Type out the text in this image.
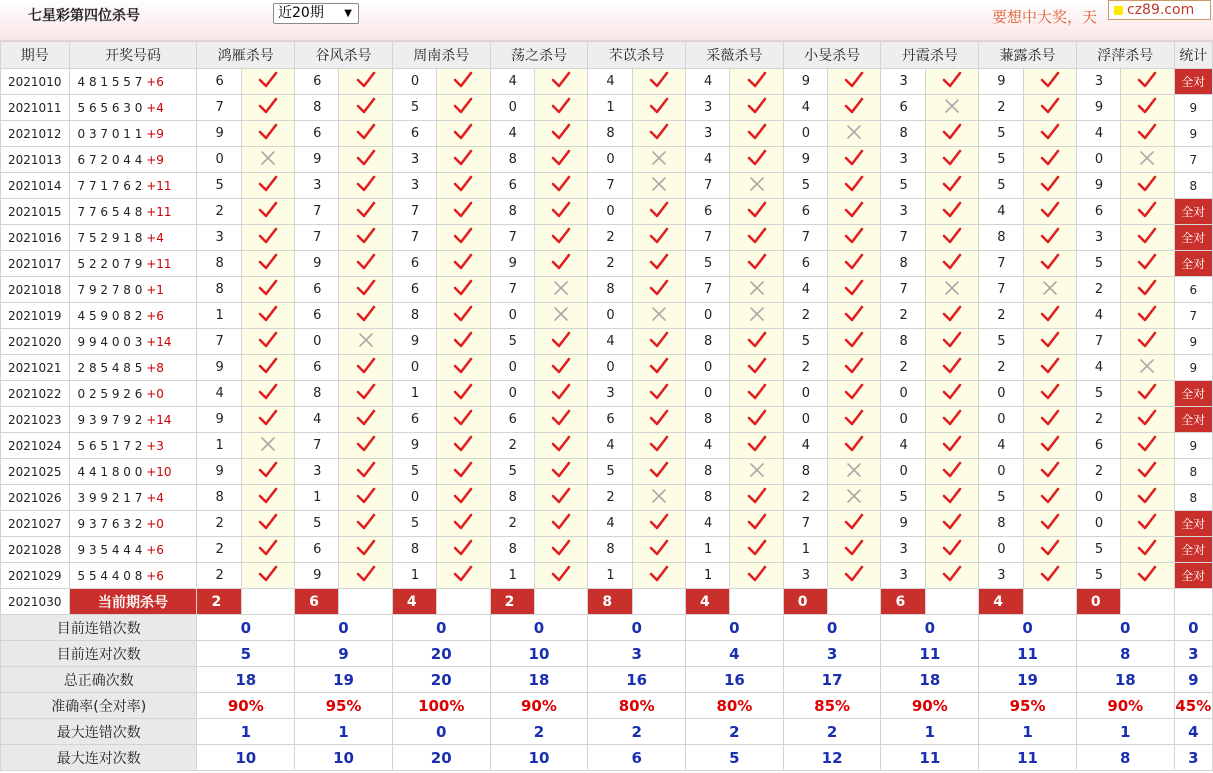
七星彩第四位杀号	近20期 ▼	要想中大奖，天	cz89.com
期号	开奖号码	鸿雁杀号		谷风杀号		周南杀号		荡之杀号		芣苡杀号		采薇杀号		小旻杀号		丹霞杀号		蒹露杀号		浮萍杀号		统计
2021010	4 8 1 5 5 7 +6	6		6		0		4		4		4		9		3		9		3		全对
2021011	5 6 5 6 3 0 +4	7		8		5		0		1		3		4		6		2		9		9
2021012	0 3 7 0 1 1 +9	9		6		6		4		8		3		0		8		5		4		9
2021013	6 7 2 0 4 4 +9	0		9		3		8		0		4		9		3		5		0		7
2021014	7 7 1 7 6 2 +11	5		3		3		6		7		7		5		5		5		9		8
2021015	7 7 6 5 4 8 +11	2		7		7		8		0		6		6		3		4		6		全对
2021016	7 5 2 9 1 8 +4	3		7		7		7		2		7		7		7		8		3		全对
2021017	5 2 2 0 7 9 +11	8		9		6		9		2		5		6		8		7		5		全对
2021018	7 9 2 7 8 0 +1	8		6		6		7		8		7		4		7		7		2		6
2021019	4 5 9 0 8 2 +6	1		6		8		0		0		0		2		2		2		4		7
2021020	9 9 4 0 0 3 +14	7		0		9		5		4		8		5		8		5		7		9
2021021	2 8 5 4 8 5 +8	9		6		0		0		0		0		2		2		2		4		9
2021022	0 2 5 9 2 6 +0	4		8		1		0		3		0		0		0		0		5		全对
2021023	9 3 9 7 9 2 +14	9		4		6		6		6		8		0		0		0		2		全对
2021024	5 6 5 1 7 2 +3	1		7		9		2		4		4		4		4		4		6		9
2021025	4 4 1 8 0 0 +10	9		3		5		5		5		8		8		0		0		2		8
2021026	3 9 9 2 1 7 +4	8		1		0		8		2		8		2		5		5		0		8
2021027	9 3 7 6 3 2 +0	2		5		5		2		4		4		7		9		8		0		全对
2021028	9 3 5 4 4 4 +6	2		6		8		8		8		1		1		3		0		5		全对
2021029	5 5 4 4 0 8 +6	2		9		1		1		1		1		3		3		3		5		全对
2021030	当前期杀号	2		6		4		2		8		4		0		6		4		0		
目前连错次数		0		0		0		0		0		0		0		0		0		0		0
目前连对次数		5		9		20		10		3		4		3		11		11		8		3
总正确次数		18		19		20		18		16		16		17		18		19		18		9
准确率(全对率)		90%		95%		100%		90%		80%		80%		85%		90%		95%		90%		45%
最大连错次数		1		1		0		2		2		2		2		1		1		1		4
最大连对次数		10		10		20		10		6		5		12		11		11		8		3
